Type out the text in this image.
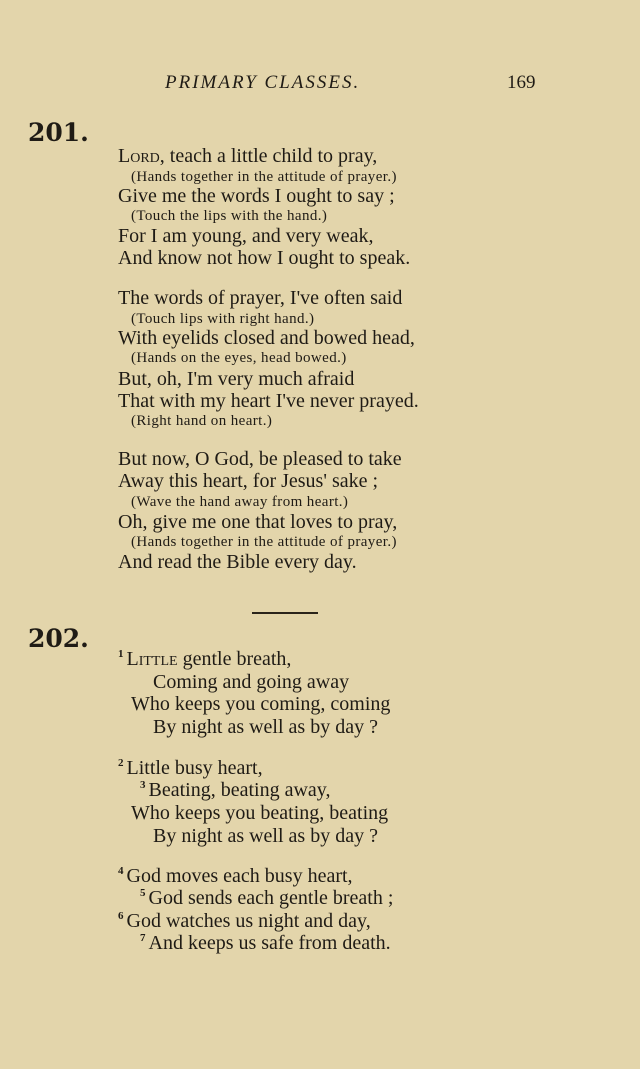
PRIMARY CLASSES.	169
201.
Lord, teach a little child to pray,
(Hands together in the attitude of prayer.)
Give me the words I ought to say ;
(Touch the lips with the hand.)
For I am young, and very weak,
And know not how I ought to speak.
The words of prayer, I've often said
(Touch lips with right hand.)
With eyelids closed and bowed head,
(Hands on the eyes, head bowed.)
But, oh, I'm very much afraid
That with my heart I've never prayed.
(Right hand on heart.)
But now, O God, be pleased to take
Away this heart, for Jesus' sake ;
(Wave the hand away from heart.)
Oh, give me one that loves to pray,
(Hands together in the attitude of prayer.)
And read the Bible every day.
202.
$^1$ Little gentle breath,
Coming and going away
Who keeps you coming, coming
By night as well as by day ?
$^2$ Little busy heart,
$^3$ Beating, beating away,
Who keeps you beating, beating
By night as well as by day ?
$^4$ God moves each busy heart,
$^5$ God sends each gentle breath ;
$^6$ God watches us night and day,
$^7$ And keeps us safe from death.
